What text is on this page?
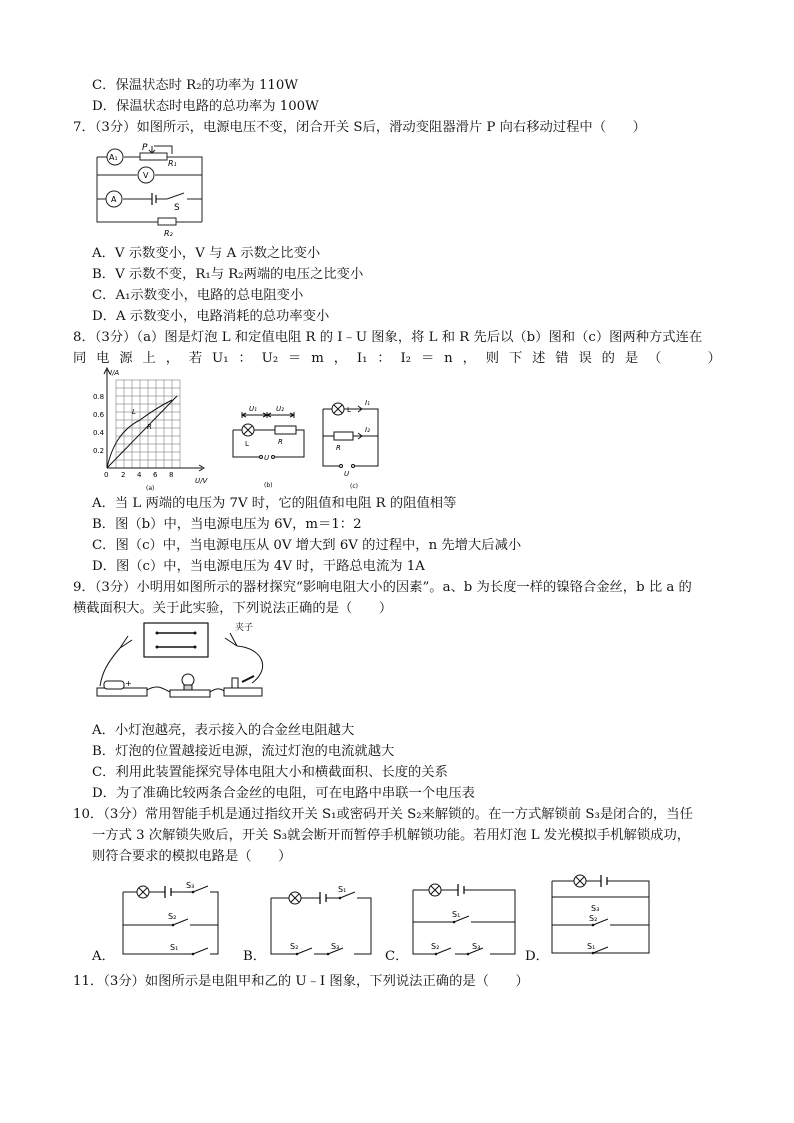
C．保温状态时 R₂的功率为 110W
D．保温状态时电路的总功率为 100W
7．（3分）如图所示，电源电压不变，闭合开关 S后，滑动变阻器滑片 P 向右移动过程中（　　）
A₁
P
R₁
V
A
S
R₂
A．V 示数变小，V 与 A 示数之比变小
B．V 示数不变，R₁与 R₂两端的电压之比变小
C．A₁示数变小，电路的总电阻变小
D．A 示数变小，电路消耗的总功率变小
8．（3分）（a）图是灯泡 L 和定值电阻 R 的 I﹣U 图象，将 L 和 R 先后以（b）图和（c）图两种方式连在
同 电 源 上 ， 若 U₁ ： U₂ ＝ m ， I₁ ： I₂ ＝ n ， 则 下 述 错 误 的 是 （
　　	）
I/A
U/V
0.8
0.6
0.4
0.2
0 2 4 6 8
L
R
(a)
U₁	U₂
L	R
U
(b)
L
I₁
I₂
R
U
(c)
A．当 L 两端的电压为 7V 时，它的阻值和电阻 R 的阻值相等
B．图（b）中，当电源电压为 6V，m＝1：2
C．图（c）中，当电源电压从 0V 增大到 6V 的过程中，n 先增大后减小
D．图（c）中，当电源电压为 4V 时，干路总电流为 1A
9．（3分）小明用如图所示的器材探究“影响电阻大小的因素”。a、b 为长度一样的镍铬合金丝，b 比 a 的
横截面积大。关于此实验，下列说法正确的是（　　）
夹子
+
A．小灯泡越亮，表示接入的合金丝电阻越大
B．灯泡的位置越接近电源，流过灯泡的电流就越大
C．利用此装置能探究导体电阻大小和横截面积、长度的关系
D．为了准确比较两条合金丝的电阻，可在电路中串联一个电压表
10．（3分）常用智能手机是通过指纹开关 S₁或密码开关 S₂来解锁的。在一方式解锁前 S₃是闭合的，当任
一方式 3 次解锁失败后，开关 S₃就会断开而暂停手机解锁功能。若用灯泡 L 发光模拟手机解锁成功，
则符合要求的模拟电路是（　　）
A．
S₃
S₂
S₁
B．
S₁
S₂	S₃
C．
S₁
S₂	S₃
D．
S₃
S₂
S₁
11．（3分）如图所示是电阻甲和乙的 U﹣I 图象，下列说法正确的是（　　）
